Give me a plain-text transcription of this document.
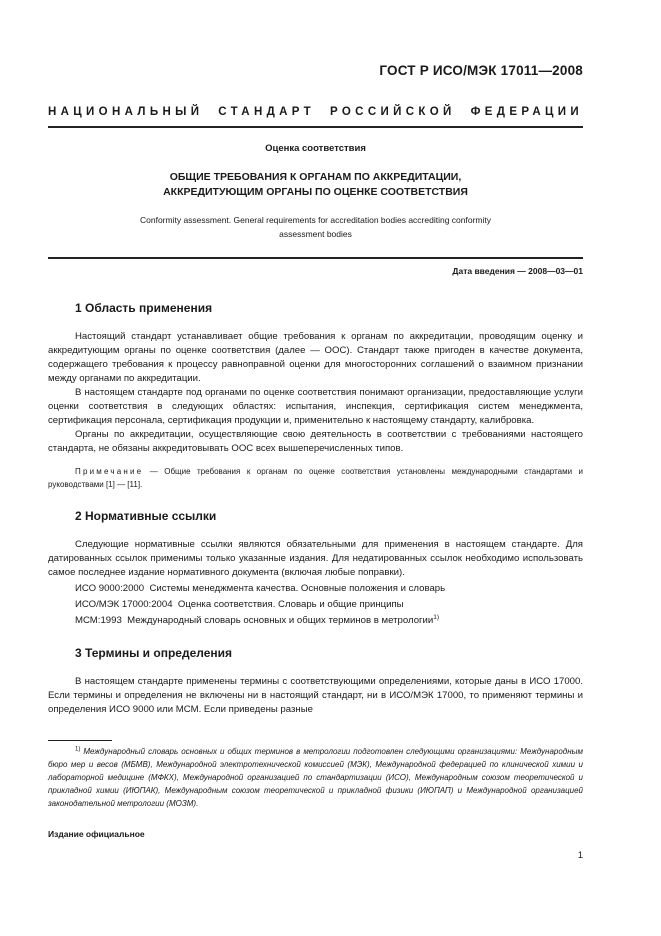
ГОСТ Р ИСО/МЭК 17011—2008
НАЦИОНАЛЬНЫЙ СТАНДАРТ РОССИЙСКОЙ ФЕДЕРАЦИИ
Оценка соответствия
ОБЩИЕ ТРЕБОВАНИЯ К ОРГАНАМ ПО АККРЕДИТАЦИИ,
АККРЕДИТУЮЩИМ ОРГАНЫ ПО ОЦЕНКЕ СООТВЕТСТВИЯ
Conformity assessment. General requirements for accreditation bodies accrediting conformity
assessment bodies
Дата введения — 2008—03—01
1 Область применения

Настоящий стандарт устанавливает общие требования к органам по аккредитации, проводящим оценку и аккредитующим органы по оценке соответствия (далее — ООС). Стандарт также пригоден в качестве документа, содержащего требования к процессу равноправной оценки для многосторонних соглашений о взаимном признании между органами по аккредитации.

В настоящем стандарте под органами по оценке соответствия понимают организации, предоставляющие услуги оценки соответствия в следующих областях: испытания, инспекция, сертификация систем менеджмента, сертификация персонала, сертификация продукции и, применительно к настоящему стандарту, калибровка.

Органы по аккредитации, осуществляющие свою деятельность в соответствии с требованиями настоящего стандарта, не обязаны аккредитовывать ООС всех вышеперечисленных типов.

Примечание — Общие требования к органам по оценке соответствия установлены международными стандартами и руководствами [1] — [11].

2 Нормативные ссылки

Следующие нормативные ссылки являются обязательными для применения в настоящем стандарте. Для датированных ссылок применимы только указанные издания. Для недатированных ссылок необходимо использовать самое последнее издание нормативного документа (включая любые поправки).

ИСО 9000:2000 Системы менеджмента качества. Основные положения и словарь

ИСО/МЭК 17000:2004 Оценка соответствия. Словарь и общие принципы

МСМ:1993 Международный словарь основных и общих терминов в метрологии$^{1)}$

3 Термины и определения

В настоящем стандарте применены термины с соответствующими определениями, которые даны в ИСО 17000. Если термины и определения не включены ни в настоящий стандарт, ни в ИСО/МЭК 17000, то применяют термины и определения ИСО 9000 или МСМ. Если приведены разные

$^{1)}$ Международный словарь основных и общих терминов в метрологии подготовлен следующими организациями: Международным бюро мер и весов (МБМВ), Международной электротехнической комиссией (МЭК), Международной федерацией по клинической химии и лабораторной медицине (МФКХ), Международной организацией по стандартизации (ИСО), Международным союзом теоретической и прикладной химии (ИЮПАК), Международным союзом теоретической и прикладной физики (ИЮПАП) и Международной организацией законодательной метрологии (МОЗМ).
Издание официальное
1
